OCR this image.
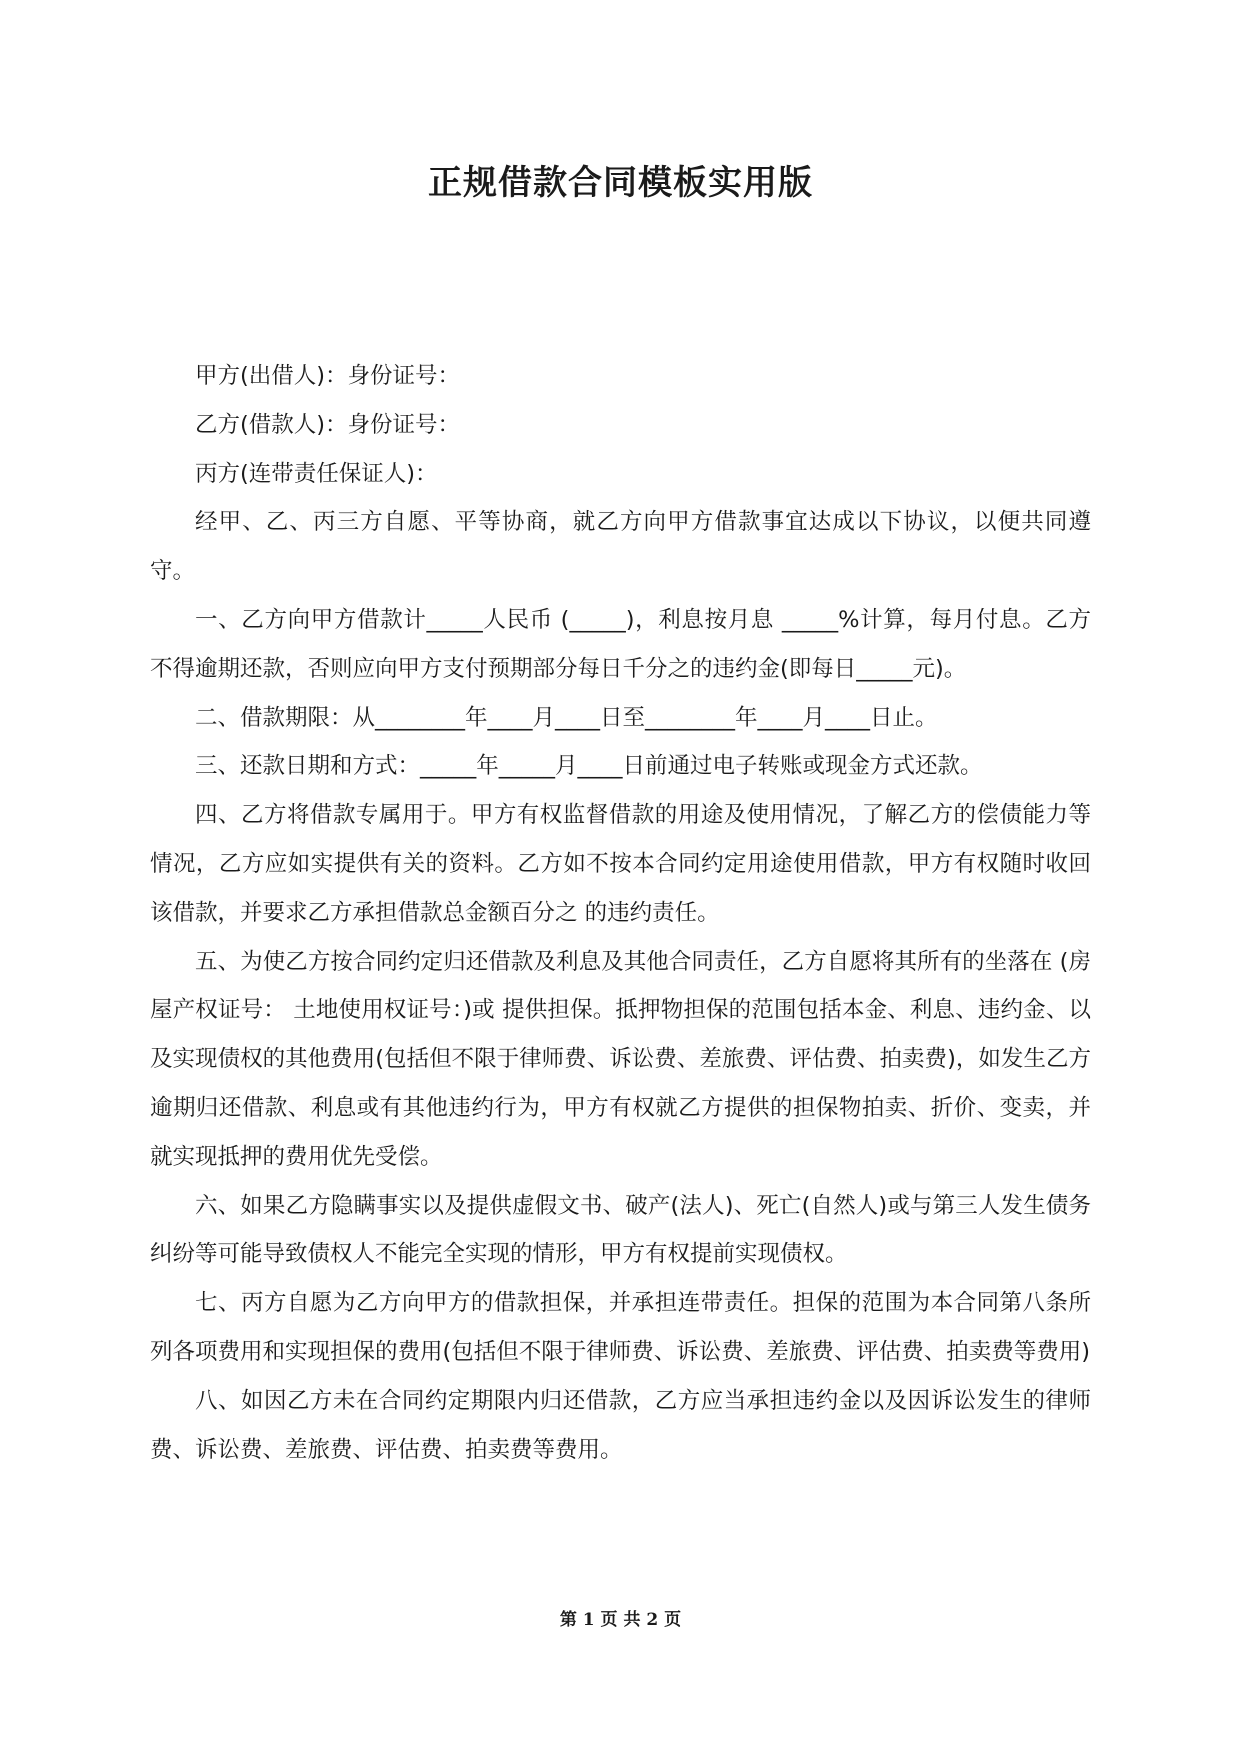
正规借款合同模板实用版

甲方(出借人)：身份证号：

乙方(借款人)：身份证号：

丙方(连带责任保证人)：

经甲、乙、丙三方自愿、平等协商，就乙方向甲方借款事宜达成以下协议，以便共同遵守。

一、乙方向甲方借款计_____人民币 (_____)，利息按月息 _____%计算，每月付息。乙方不得逾期还款，否则应向甲方支付预期部分每日千分之的违约金(即每日_____元)。

二、借款期限：从________年____月____日至________年____月____日止。

三、还款日期和方式：_____年_____月____日前通过电子转账或现金方式还款。

四、乙方将借款专属用于。甲方有权监督借款的用途及使用情况，了解乙方的偿债能力等情况，乙方应如实提供有关的资料。乙方如不按本合同约定用途使用借款，甲方有权随时收回该借款，并要求乙方承担借款总金额百分之 的违约责任。

五、为使乙方按合同约定归还借款及利息及其他合同责任，乙方自愿将其所有的坐落在 (房屋产权证号： 土地使用权证号：)或 提供担保。抵押物担保的范围包括本金、利息、违约金、以及实现债权的其他费用(包括但不限于律师费、诉讼费、差旅费、评估费、拍卖费)，如发生乙方逾期归还借款、利息或有其他违约行为，甲方有权就乙方提供的担保物拍卖、折价、变卖，并就实现抵押的费用优先受偿。

六、如果乙方隐瞒事实以及提供虚假文书、破产(法人)、死亡(自然人)或与第三人发生债务纠纷等可能导致债权人不能完全实现的情形，甲方有权提前实现债权。

七、丙方自愿为乙方向甲方的借款担保，并承担连带责任。担保的范围为本合同第八条所列各项费用和实现担保的费用(包括但不限于律师费、诉讼费、差旅费、评估费、拍卖费等费用)

八、如因乙方未在合同约定期限内归还借款，乙方应当承担违约金以及因诉讼发生的律师费、诉讼费、差旅费、评估费、拍卖费等费用。

第 1 页 共 2 页
